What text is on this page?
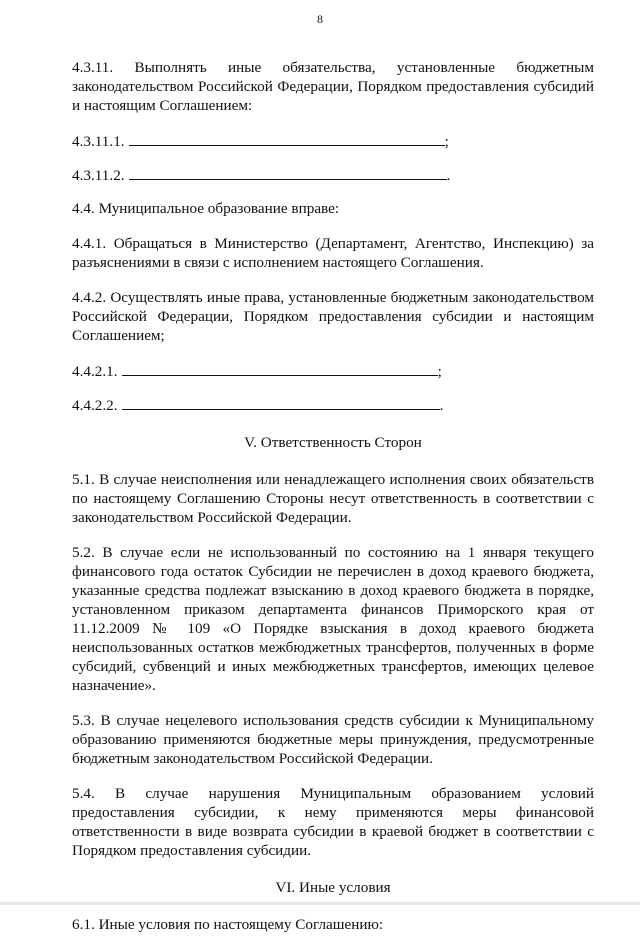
8

4.3.11. Выполнять иные обязательства, установленные бюджетным законодательством Российской Федерации, Порядком предоставления субсидий и настоящим Соглашением:

4.3.11.1.	;
4.3.11.2.	.

4.4. Муниципальное образование вправе:

4.4.1. Обращаться в Министерство (Департамент, Агентство, Инспекцию) за разъяснениями в связи с исполнением настоящего Соглашения.

4.4.2. Осуществлять иные права, установленные бюджетным законодательством Российской Федерации, Порядком предоставления субсидии и настоящим Соглашением;

4.4.2.1.	;
4.4.2.2.	.
V. Ответственность Сторон

5.1. В случае неисполнения или ненадлежащего исполнения своих обязательств по настоящему Соглашению Стороны несут ответственность в соответствии с законодательством Российской Федерации.

5.2. В случае если не использованный по состоянию на 1 января текущего финансового года остаток Субсидии не перечислен в доход краевого бюджета, указанные средства подлежат взысканию в доход краевого бюджета в порядке, установленном приказом департамента финансов Приморского края от 11.12.2009 № 109 «О Порядке взыскания в доход краевого бюджета неиспользованных остатков межбюджетных трансфертов, полученных в форме субсидий, субвенций и иных межбюджетных трансфертов, имеющих целевое назначение».

5.3. В случае нецелевого использования средств субсидии к Муниципальному образованию применяются бюджетные меры принуждения, предусмотренные бюджетным законодательством Российской Федерации.

5.4. В случае нарушения Муниципальным образованием условий предоставления субсидии, к нему применяются меры финансовой ответственности в виде возврата субсидии в краевой бюджет в соответствии с Порядком предоставления субсидии.

VI. Иные условия

6.1. Иные условия по настоящему Соглашению:
